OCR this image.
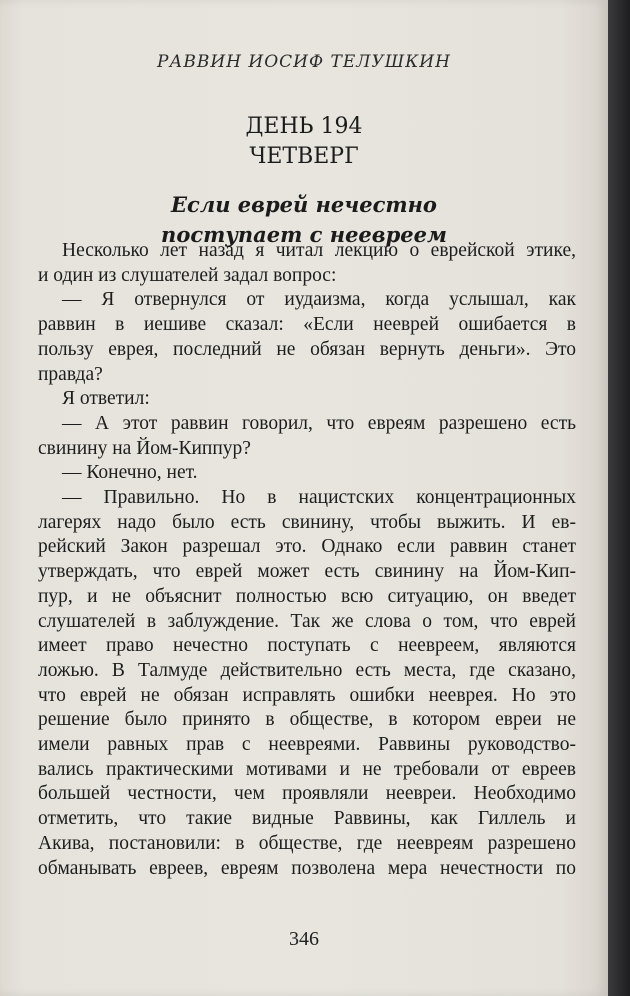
РАВВИН ИОСИФ ТЕЛУШКИН
ДЕНЬ 194
ЧЕТВЕРГ
Если еврей нечестно
поступает с неевреем
Несколько лет назад я читал лекцию о еврейской этике,
и один из слушателей задал вопрос:
— Я отвернулся от иудаизма, когда услышал, как
раввин в иешиве сказал: «Если нееврей ошибается в
пользу еврея, последний не обязан вернуть деньги». Это
правда?
Я ответил:
— А этот раввин говорил, что евреям разрешено есть
свинину на Йом-Киппур?
— Конечно, нет.
— Правильно. Но в нацистских концентрационных
лагерях надо было есть свинину, чтобы выжить. И ев-
рейский Закон разрешал это. Однако если раввин станет
утверждать, что еврей может есть свинину на Йом-Кип-
пур, и не объяснит полностью всю ситуацию, он введет
слушателей в заблуждение. Так же слова о том, что еврей
имеет право нечестно поступать с неевреем, являются
ложью. В Талмуде действительно есть места, где сказано,
что еврей не обязан исправлять ошибки нееврея. Но это
решение было принято в обществе, в котором евреи не
имели равных прав с неевреями. Раввины руководство-
вались практическими мотивами и не требовали от евреев
большей честности, чем проявляли неевреи. Необходимо
отметить, что такие видные Раввины, как Гиллель и
Акива, постановили: в обществе, где неевреям разрешено
обманывать евреев, евреям позволена мера нечестности по
346
